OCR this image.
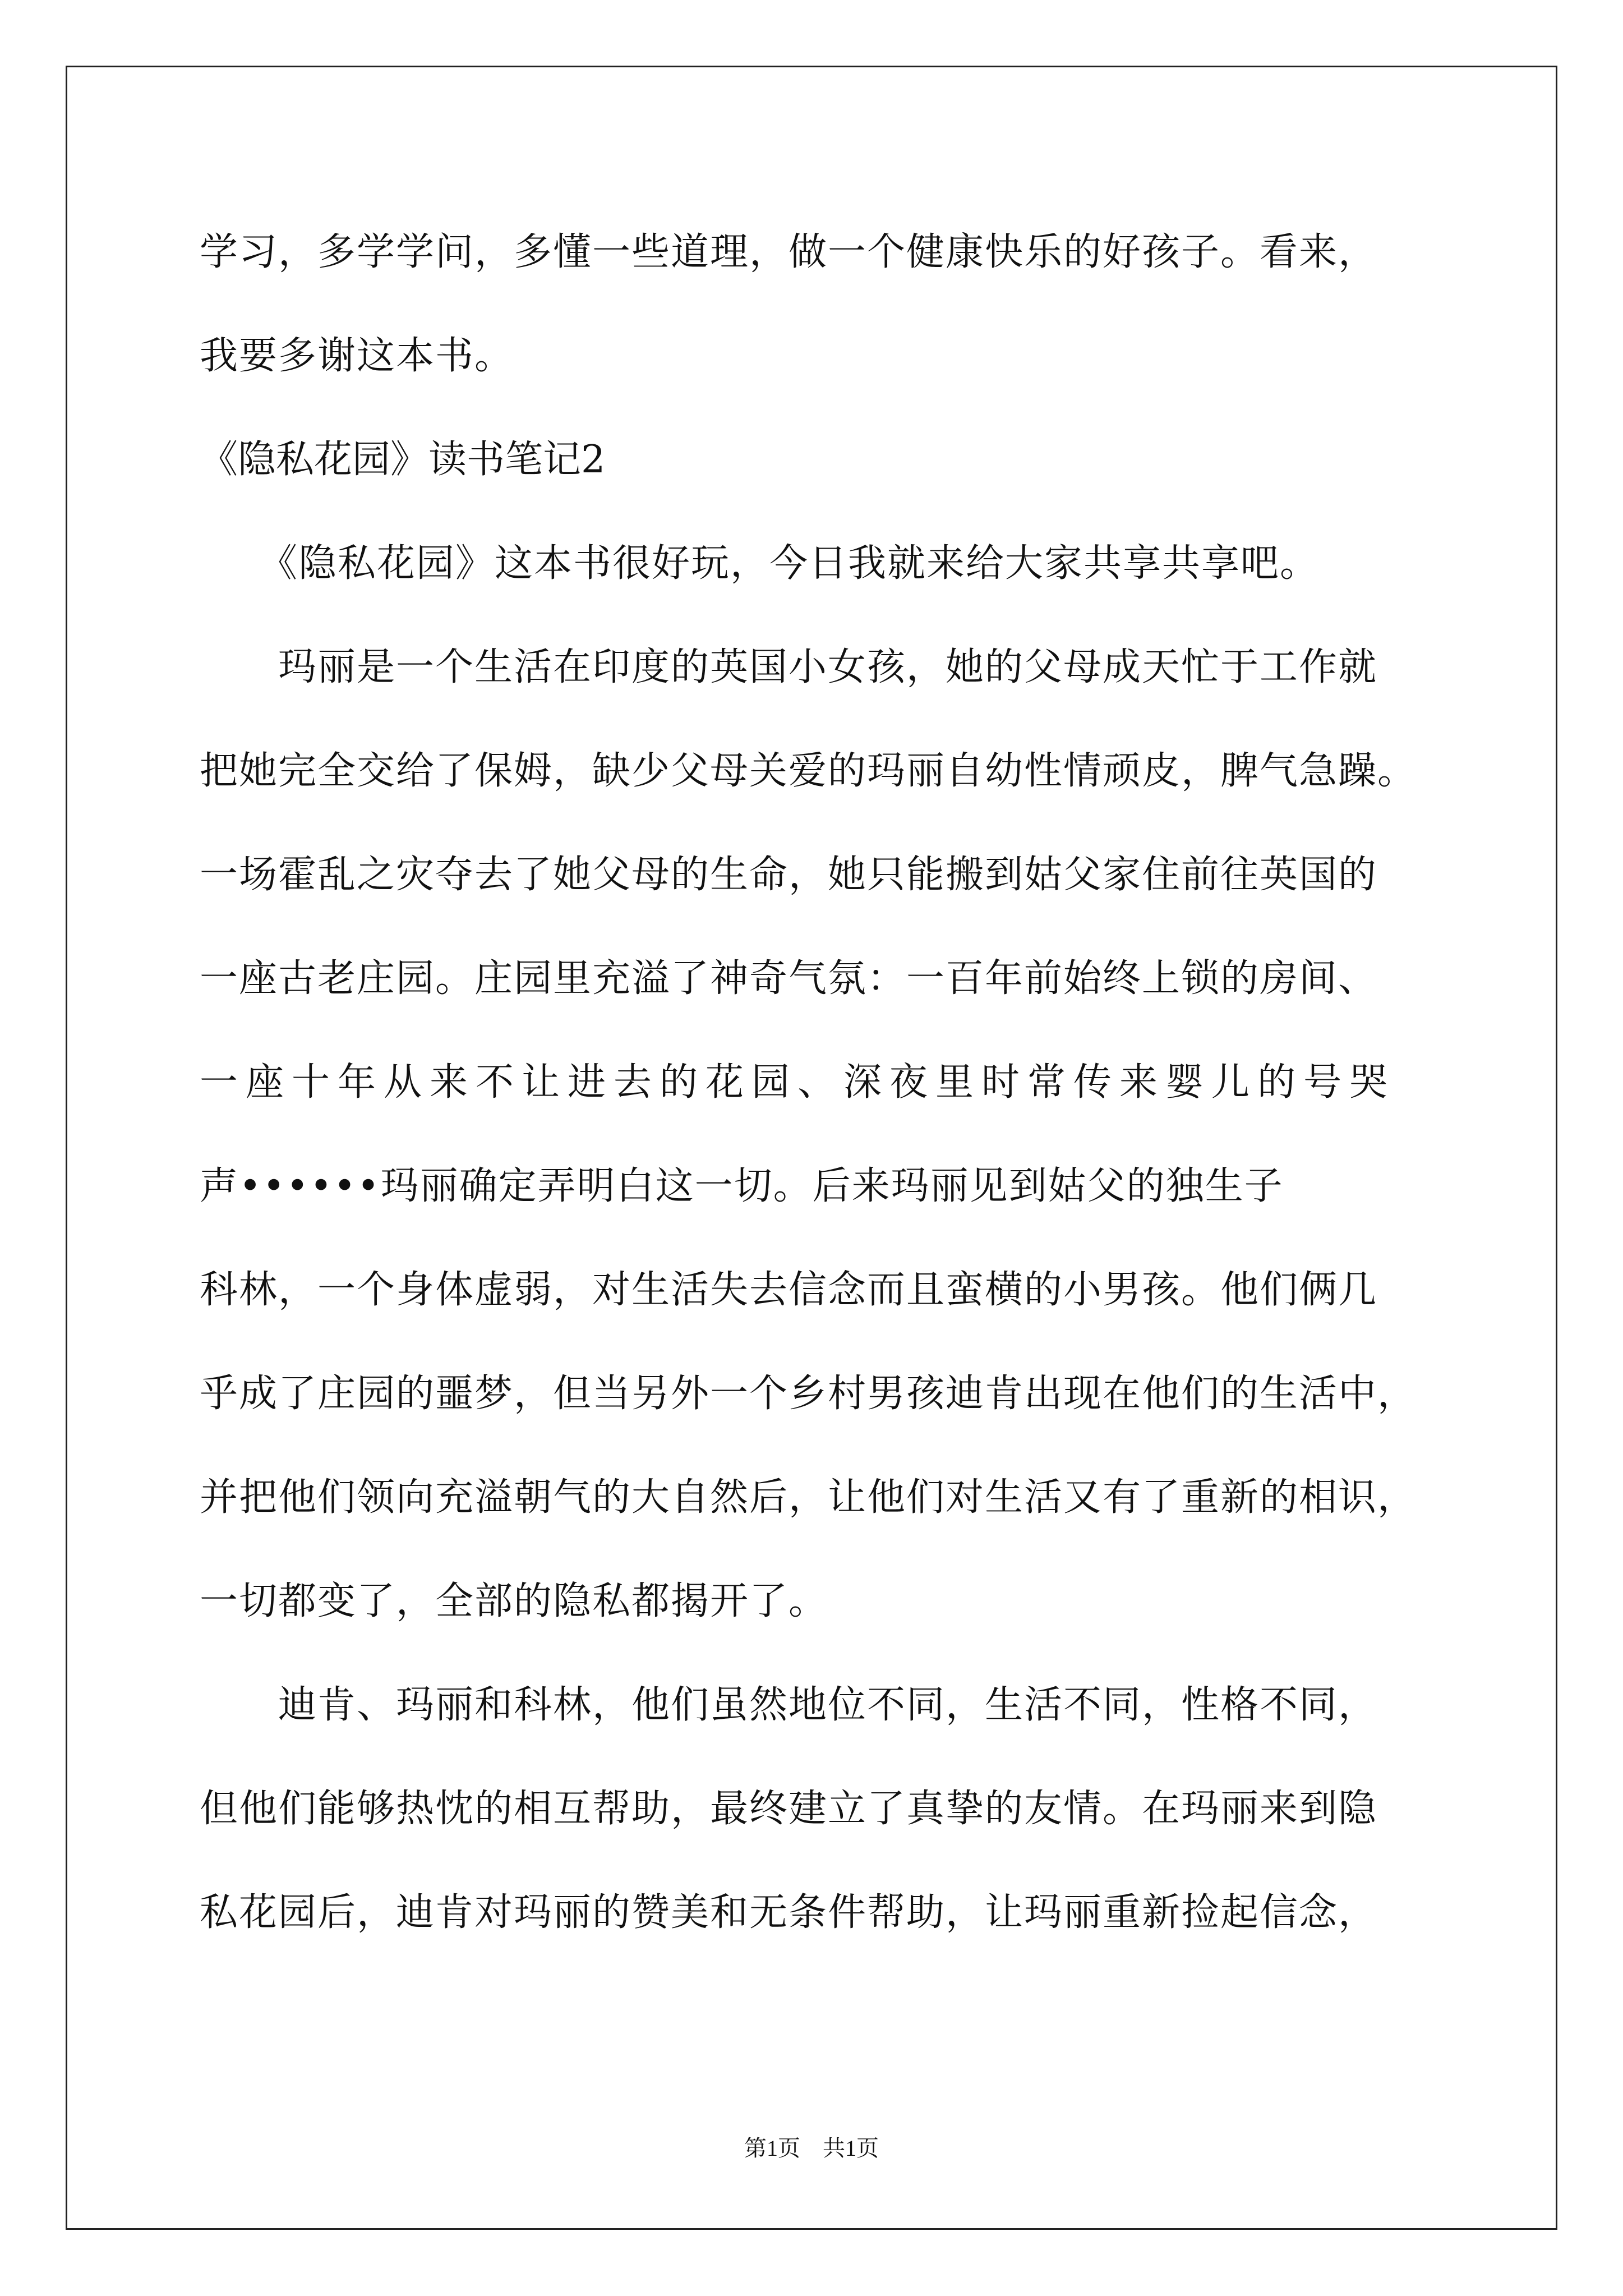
学习，多学学问，多懂一些道理，做一个健康快乐的好孩子。看来，
我要多谢这本书。
《隐私花园》读书笔记2
　　《隐私花园》这本书很好玩，今日我就来给大家共享共享吧。
　　玛丽是一个生活在印度的英国小女孩，她的父母成天忙于工作就
把她完全交给了保姆，缺少父母关爱的玛丽自幼性情顽皮，脾气急躁。
一场霍乱之灾夺去了她父母的生命，她只能搬到姑父家住前往英国的
一座古老庄园。庄园里充溢了神奇气氛：一百年前始终上锁的房间、
一座十年从来不让进去的花园、深夜里时常传来婴儿的号哭
声••••••玛丽确定弄明白这一切。后来玛丽见到姑父的独生子
科林，一个身体虚弱，对生活失去信念而且蛮横的小男孩。他们俩几
乎成了庄园的噩梦，但当另外一个乡村男孩迪肯出现在他们的生活中，
并把他们领向充溢朝气的大自然后，让他们对生活又有了重新的相识，
一切都变了，全部的隐私都揭开了。
　　迪肯、玛丽和科林，他们虽然地位不同，生活不同，性格不同，
但他们能够热忱的相互帮助，最终建立了真挚的友情。在玛丽来到隐
私花园后，迪肯对玛丽的赞美和无条件帮助，让玛丽重新捡起信念，
第1页　共1页
